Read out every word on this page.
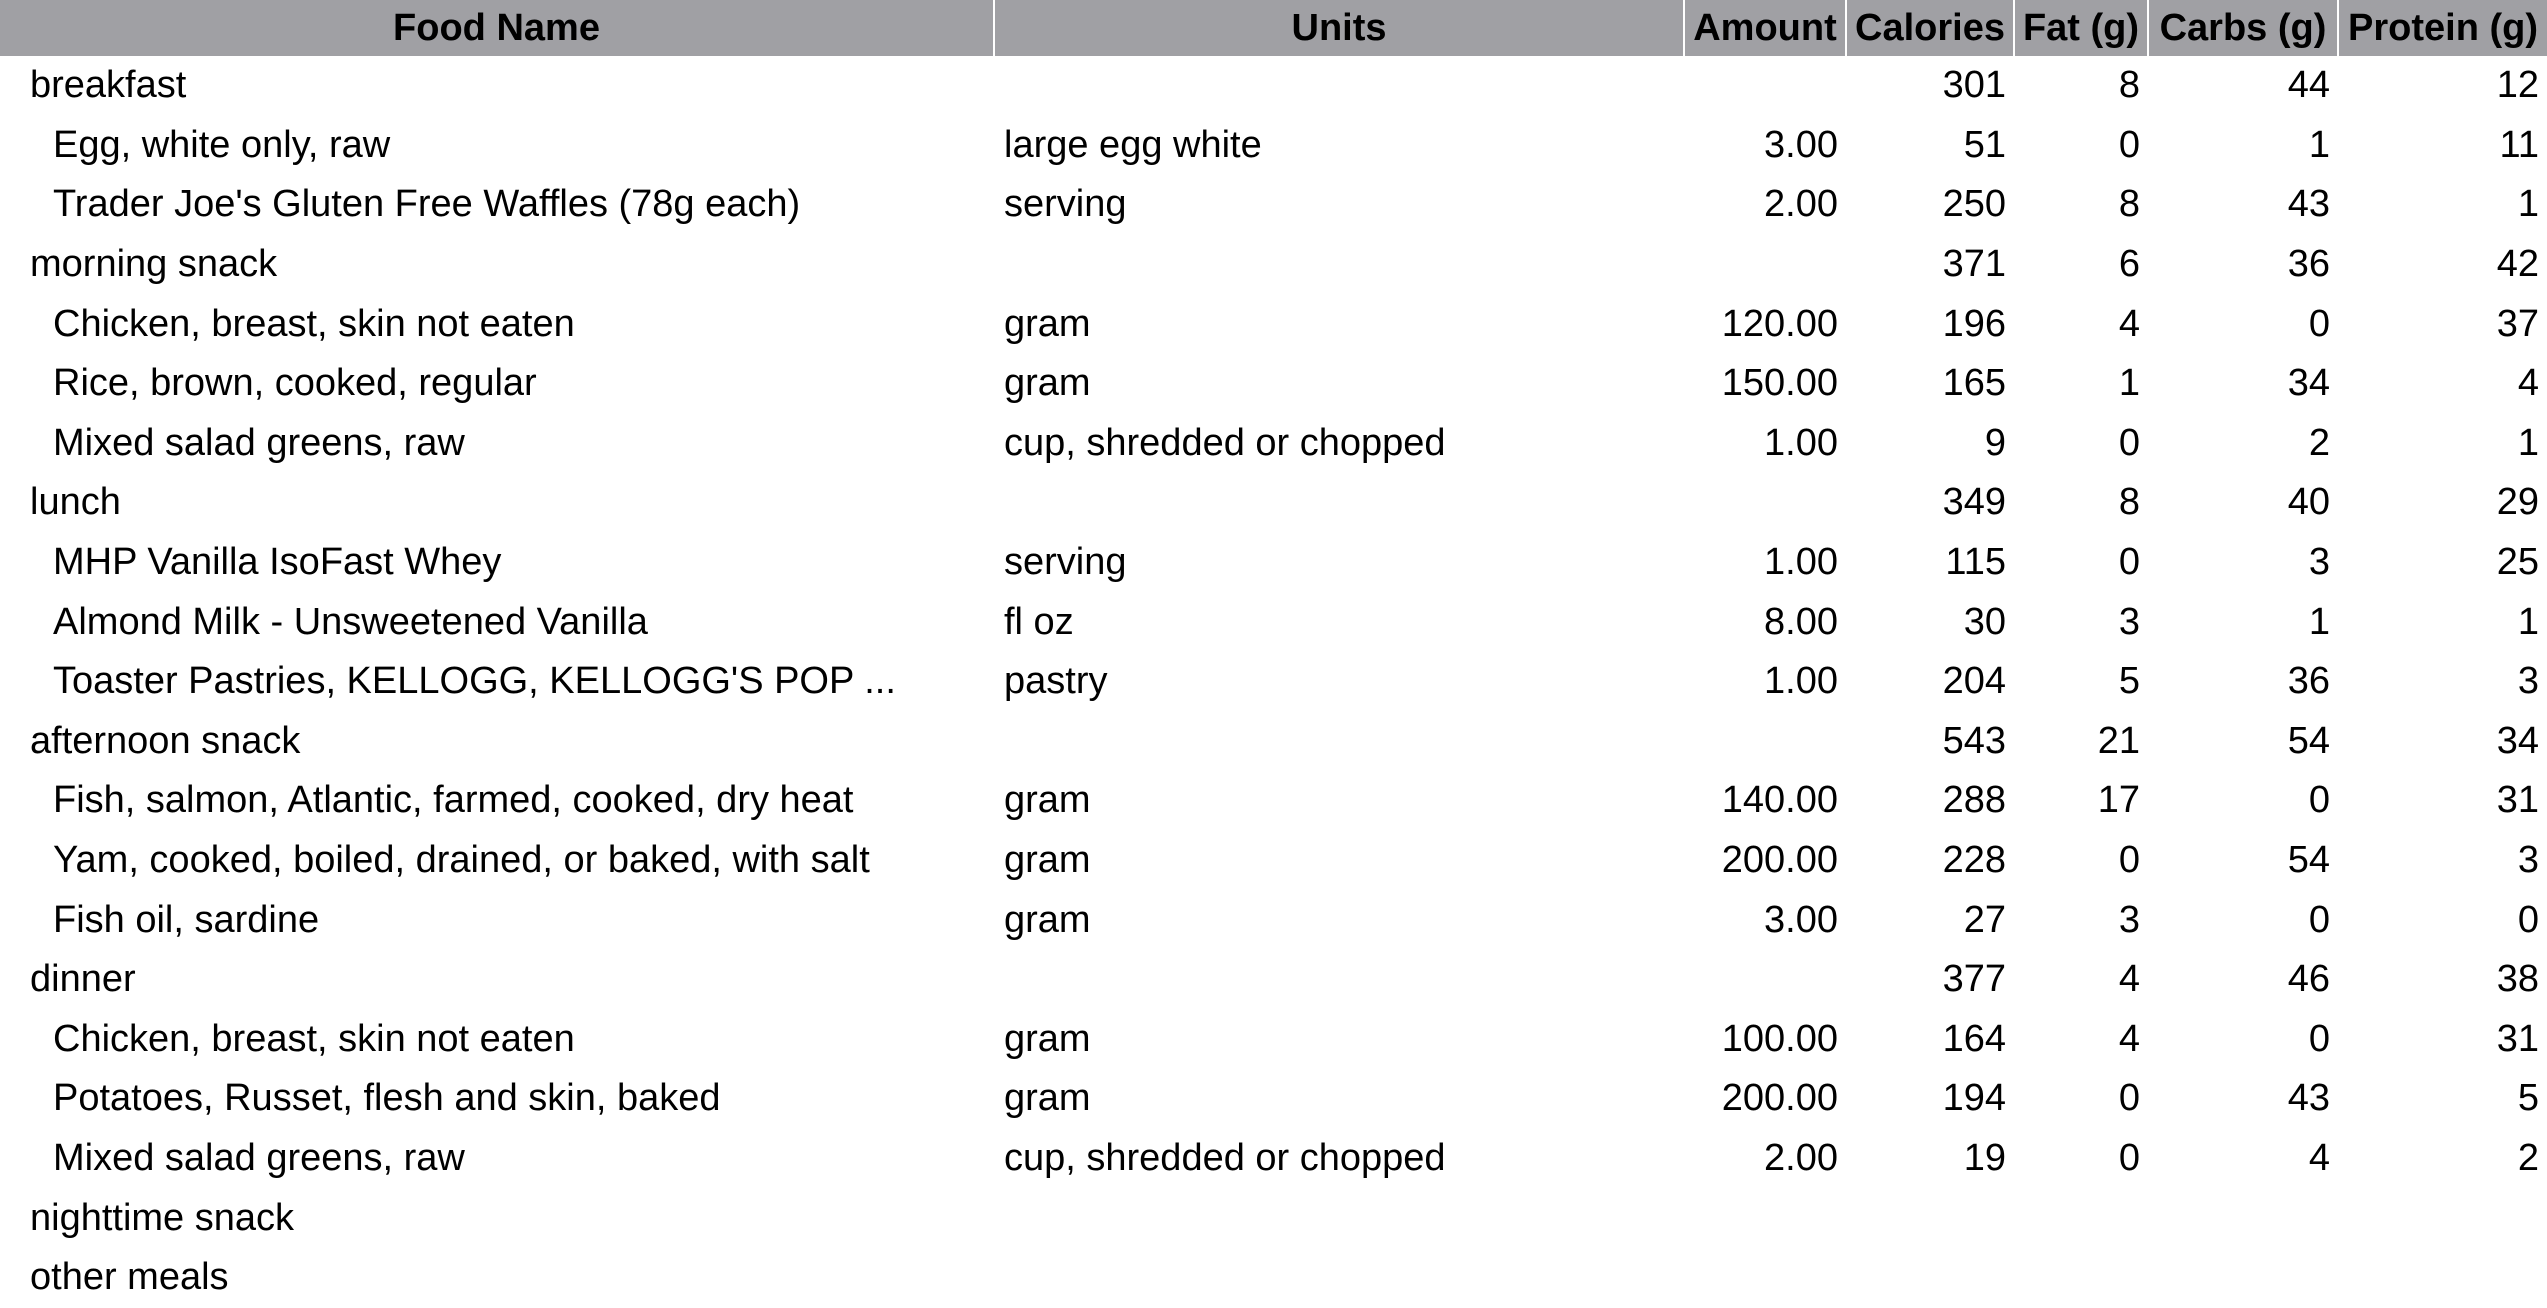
Food Name	Units	Amount	Calories	Fat (g)	Carbs (g)	Protein (g)
breakfast			301	8	44	12
Egg, white only, raw	large egg white	3.00	51	0	1	11
Trader Joe's Gluten Free Waffles (78g each)	serving	2.00	250	8	43	1
morning snack			371	6	36	42
Chicken, breast, skin not eaten	gram	120.00	196	4	0	37
Rice, brown, cooked, regular	gram	150.00	165	1	34	4
Mixed salad greens, raw	cup, shredded or chopped	1.00	9	0	2	1
lunch			349	8	40	29
MHP Vanilla IsoFast Whey	serving	1.00	115	0	3	25
Almond Milk - Unsweetened Vanilla	fl oz	8.00	30	3	1	1
Toaster Pastries, KELLOGG, KELLOGG'S POP ...	pastry	1.00	204	5	36	3
afternoon snack			543	21	54	34
Fish, salmon, Atlantic, farmed, cooked, dry heat	gram	140.00	288	17	0	31
Yam, cooked, boiled, drained, or baked, with salt	gram	200.00	228	0	54	3
Fish oil, sardine	gram	3.00	27	3	0	0
dinner			377	4	46	38
Chicken, breast, skin not eaten	gram	100.00	164	4	0	31
Potatoes, Russet, flesh and skin, baked	gram	200.00	194	0	43	5
Mixed salad greens, raw	cup, shredded or chopped	2.00	19	0	4	2
nighttime snack						
other meals						
